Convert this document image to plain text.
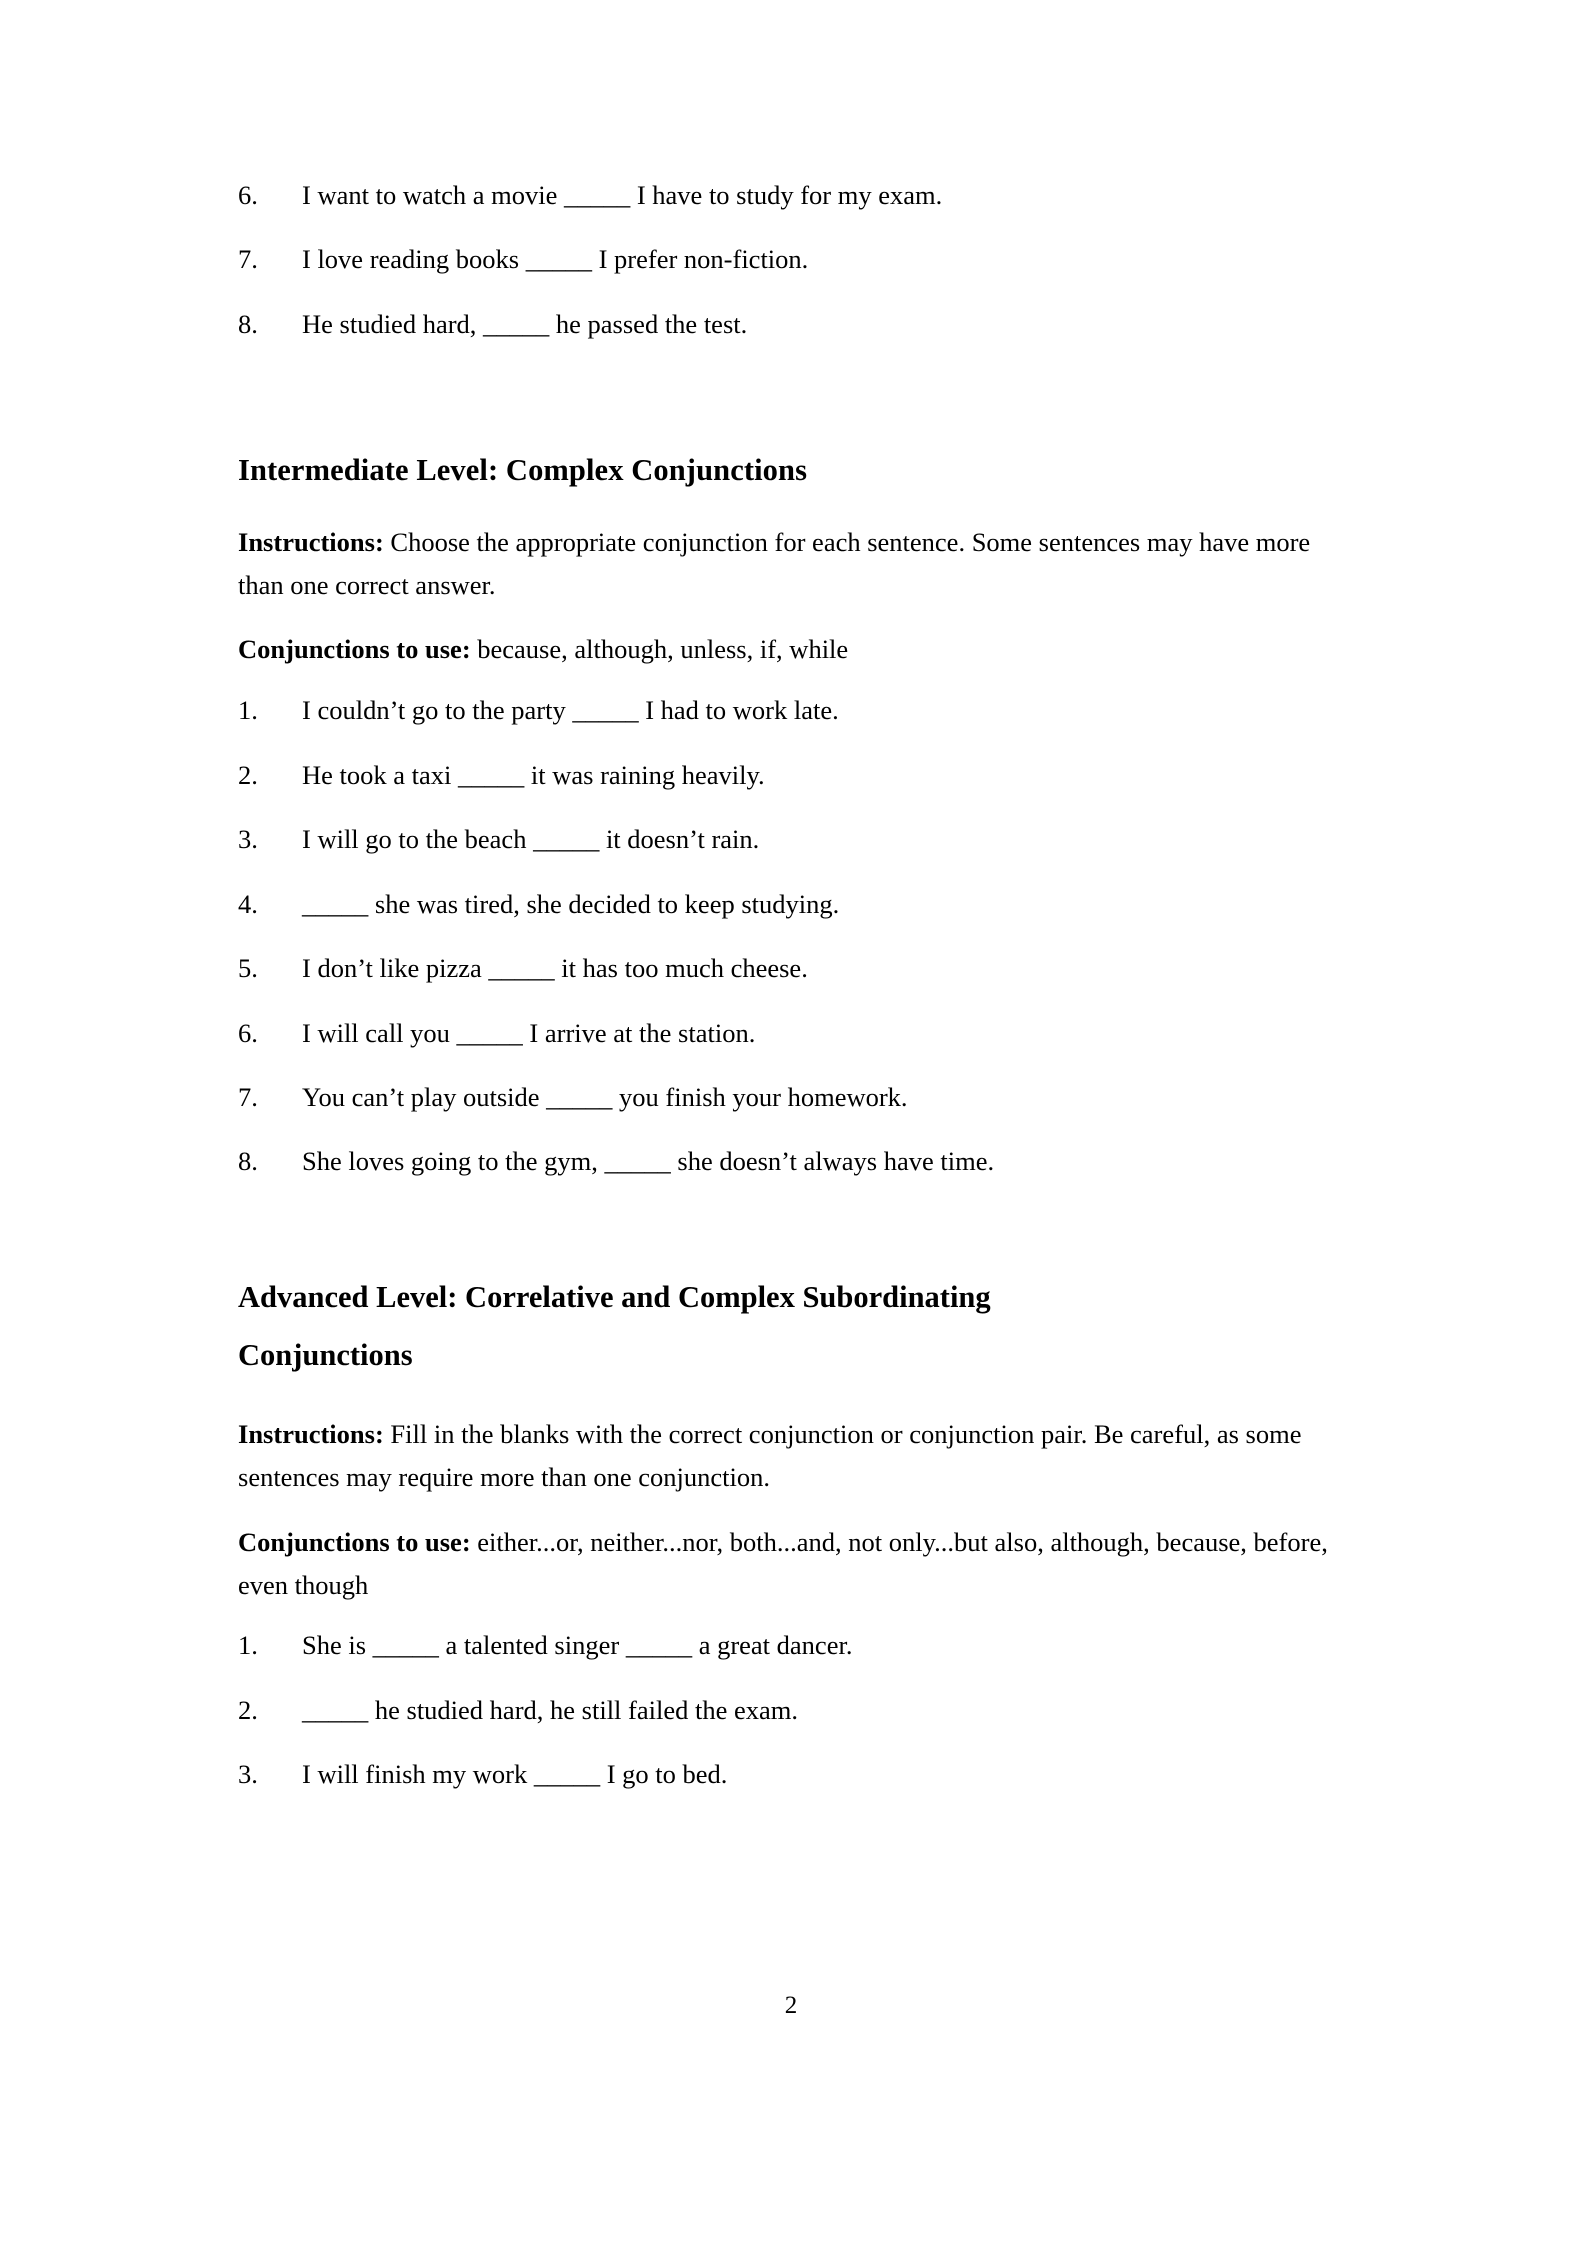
6.	I want to watch a movie _____ I have to study for my exam.
7.	I love reading books _____ I prefer non-fiction.
8.	He studied hard, _____ he passed the test.
Intermediate Level: Complex Conjunctions

Instructions: Choose the appropriate conjunction for each sentence. Some sentences may have more than one correct answer.

Conjunctions to use: because, although, unless, if, while

1.	I couldn’t go to the party _____ I had to work late.
2.	He took a taxi _____ it was raining heavily.
3.	I will go to the beach _____ it doesn’t rain.
4.	_____ she was tired, she decided to keep studying.
5.	I don’t like pizza _____ it has too much cheese.
6.	I will call you _____ I arrive at the station.
7.	You can’t play outside _____ you finish your homework.
8.	She loves going to the gym, _____ she doesn’t always have time.
Advanced Level: Correlative and Complex Subordinating
Conjunctions

Instructions: Fill in the blanks with the correct conjunction or conjunction pair. Be careful, as some sentences may require more than one conjunction.

Conjunctions to use: either...or, neither...nor, both...and, not only...but also, although, because, before, even though

1.	She is _____ a talented singer _____ a great dancer.
2.	_____ he studied hard, he still failed the exam.
3.	I will finish my work _____ I go to bed.
2
